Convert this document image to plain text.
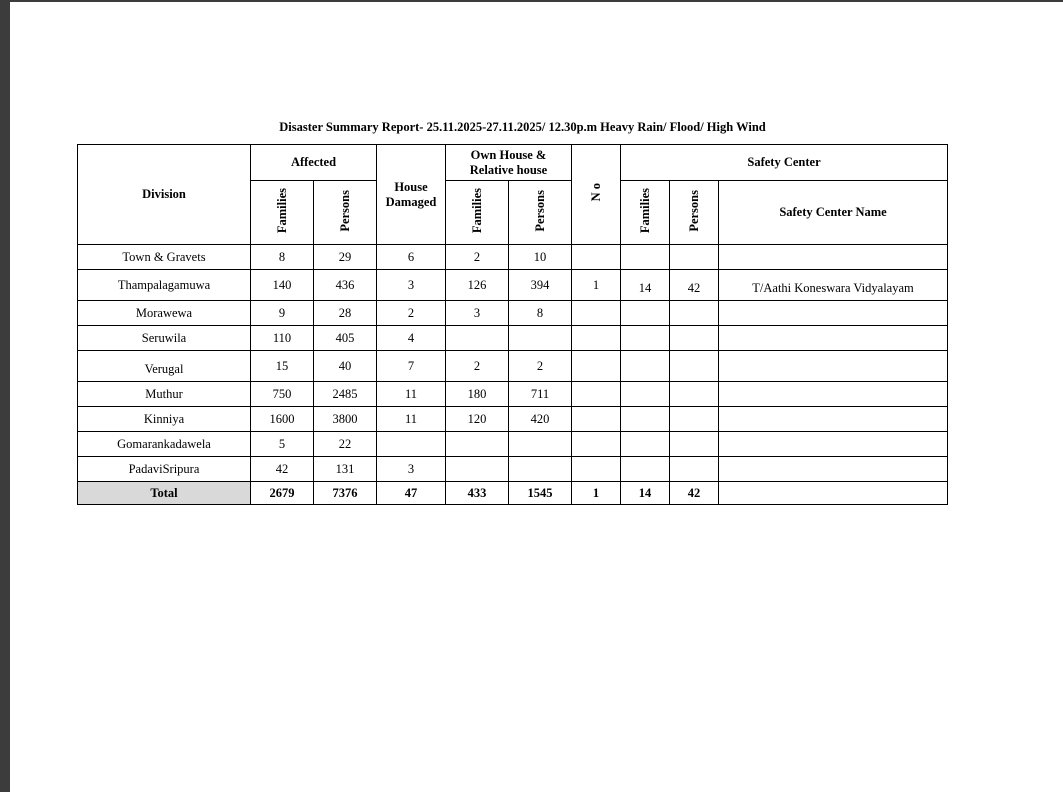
Disaster Summary Report- 25.11.2025-27.11.2025/ 12.30p.m Heavy Rain/ Flood/ High Wind
Division	Affected		House Damaged	Own House & Relative house		N o	Safety Center		
	Families	Persons		Families	Persons		Families	Persons	Safety Center Name
Town & Gravets	8	29	6	2	10				
Thampalagamuwa	140	436	3	126	394	1	14	42	T/Aathi Koneswara Vidyalayam
Morawewa	9	28	2	3	8				
Seruwila	110	405	4						
Verugal	15	40	7	2	2				
Muthur	750	2485	11	180	711				
Kinniya	1600	3800	11	120	420				
Gomarankadawela	5	22							
PadaviSripura	42	131	3						
Total	2679	7376	47	433	1545	1	14	42	
